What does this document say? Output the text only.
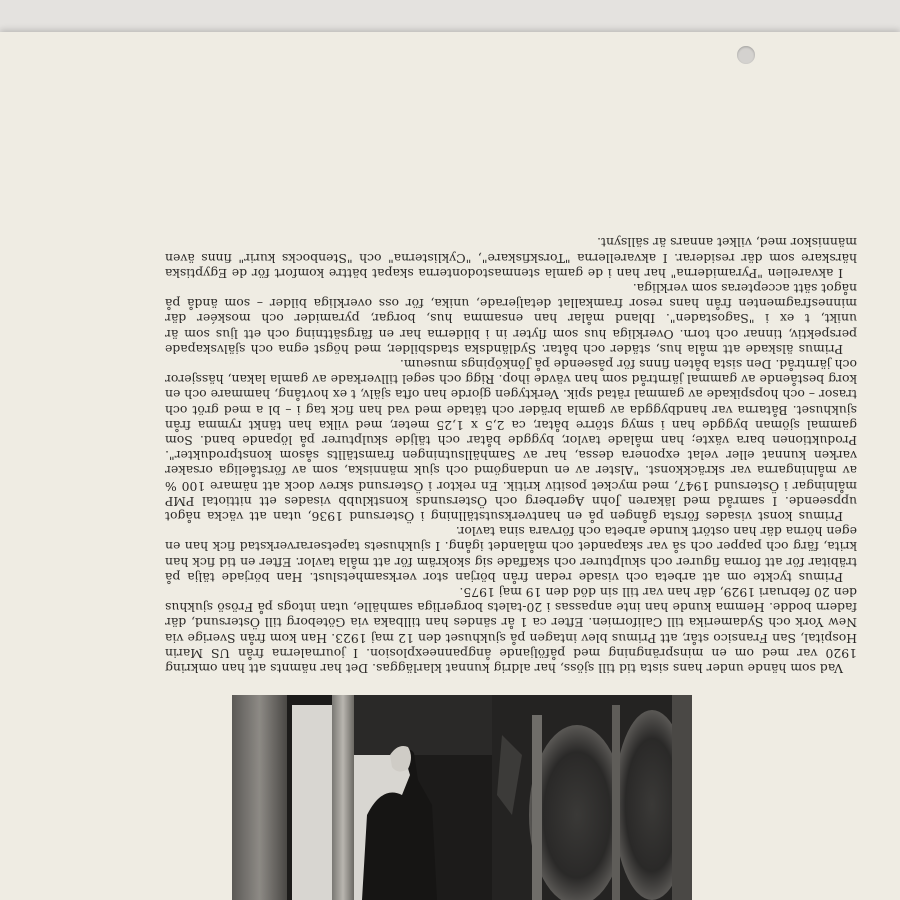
Vad som hände under hans sista tid till sjöss, har aldrig kunnat klarläggas. Det har nämnts att han omkring 1920 var med om en minsprängning med påföljande ångpanneexplosion. I journalerna från US Marin Hospital, San Fransico står, att Primus blev intagen på sjukhuset den 12 maj 1923. Han kom från Sverige via New York och Sydamerika till Californien. Efter ca 1 år sändes han tillbaka via Göteborg till Östersund, där fadern bodde. Hemma kunde han inte anpassas i 20-talets borgerliga samhälle, utan intogs på Frösö sjukhus den 20 februari 1929, där han var till sin död den 19 maj 1975.

Primus tyckte om att arbeta och visade redan från början stor verksamhetslust. Han började tälja på träbitar för att forma figurer och skulpturer och skaffade sig skokräm för att måla tavlor. Efter en tid fick han krita, färg och papper och så var skapandet och målandet igång. I sjukhusets tapetserarverkstad fick han en egen hörna där han ostört kunde arbeta och förvara sina tavlor.

Primus konst visades första gången på en hantverksutställning i Östersund 1936, utan att väcka något uppseende. I samråd med läkaren John Agerberg och Östersunds konstklubb visades ett nittiotal PMP målningar i Östersund 1947, med mycket positiv kritik. En rektor i Östersund skrev dock att nämare 100 % av målningarna var skräckkonst. "Alster av en undangömd och sjuk människa, som av förståeliga orsaker varken kunnat eller velat exponera dessa, har av Samhällsutningen framställts såsom konstprodukter". Produktionen bara växte; han målade tavlor, byggde båtar och täljde skulpturer på löpande band. Som gammal sjöman byggde han i smyg större båtar, ca 2,5 x 1,25 meter, med vilka han tänkt rymma från sjukhuset. Båtarna var handbyggda av gamla bräder och tätade med vad han fick tag i – bl a med gröt och trasor – och hopspikade av gammal rätad spik. Verktygen gjorde han ofta själv, t ex hovtång, hammare och en korg bestående av gammal järntråd som han vävde ihop. Rigg och segel tillverkade av gamla lakan, hässjeror och järntråd. Den sista båten finns för påseende på Jönköpings museum.

Primus älskade att måla hus, städer och båtar. Sydländska stadsbilder, med högst egna och självskapade perspektiv, tinnar och torn. Overkliga hus som flyter in i bilderna har en färgsättning och ett ljus som är unikt, t ex i "Sagostaden". Ibland målar han ensamma hus, borgar, pyramider och moskéer där minnesfragmenten från hans resor framkallat detaljerade, unika, för oss overkliga bilder – som ändå på något sätt accepteras som verkliga.

I akvarellen "Pyramiderna" har han i de gamla stenmastodonterna skapat bättre komfort för de Egyptiska härskare som där residerar. I akvarellerna "Torskfiskare", "Cyklisterna" och "Stenbocks kurir" finns även människor med, vilket annars är sällsynt.
